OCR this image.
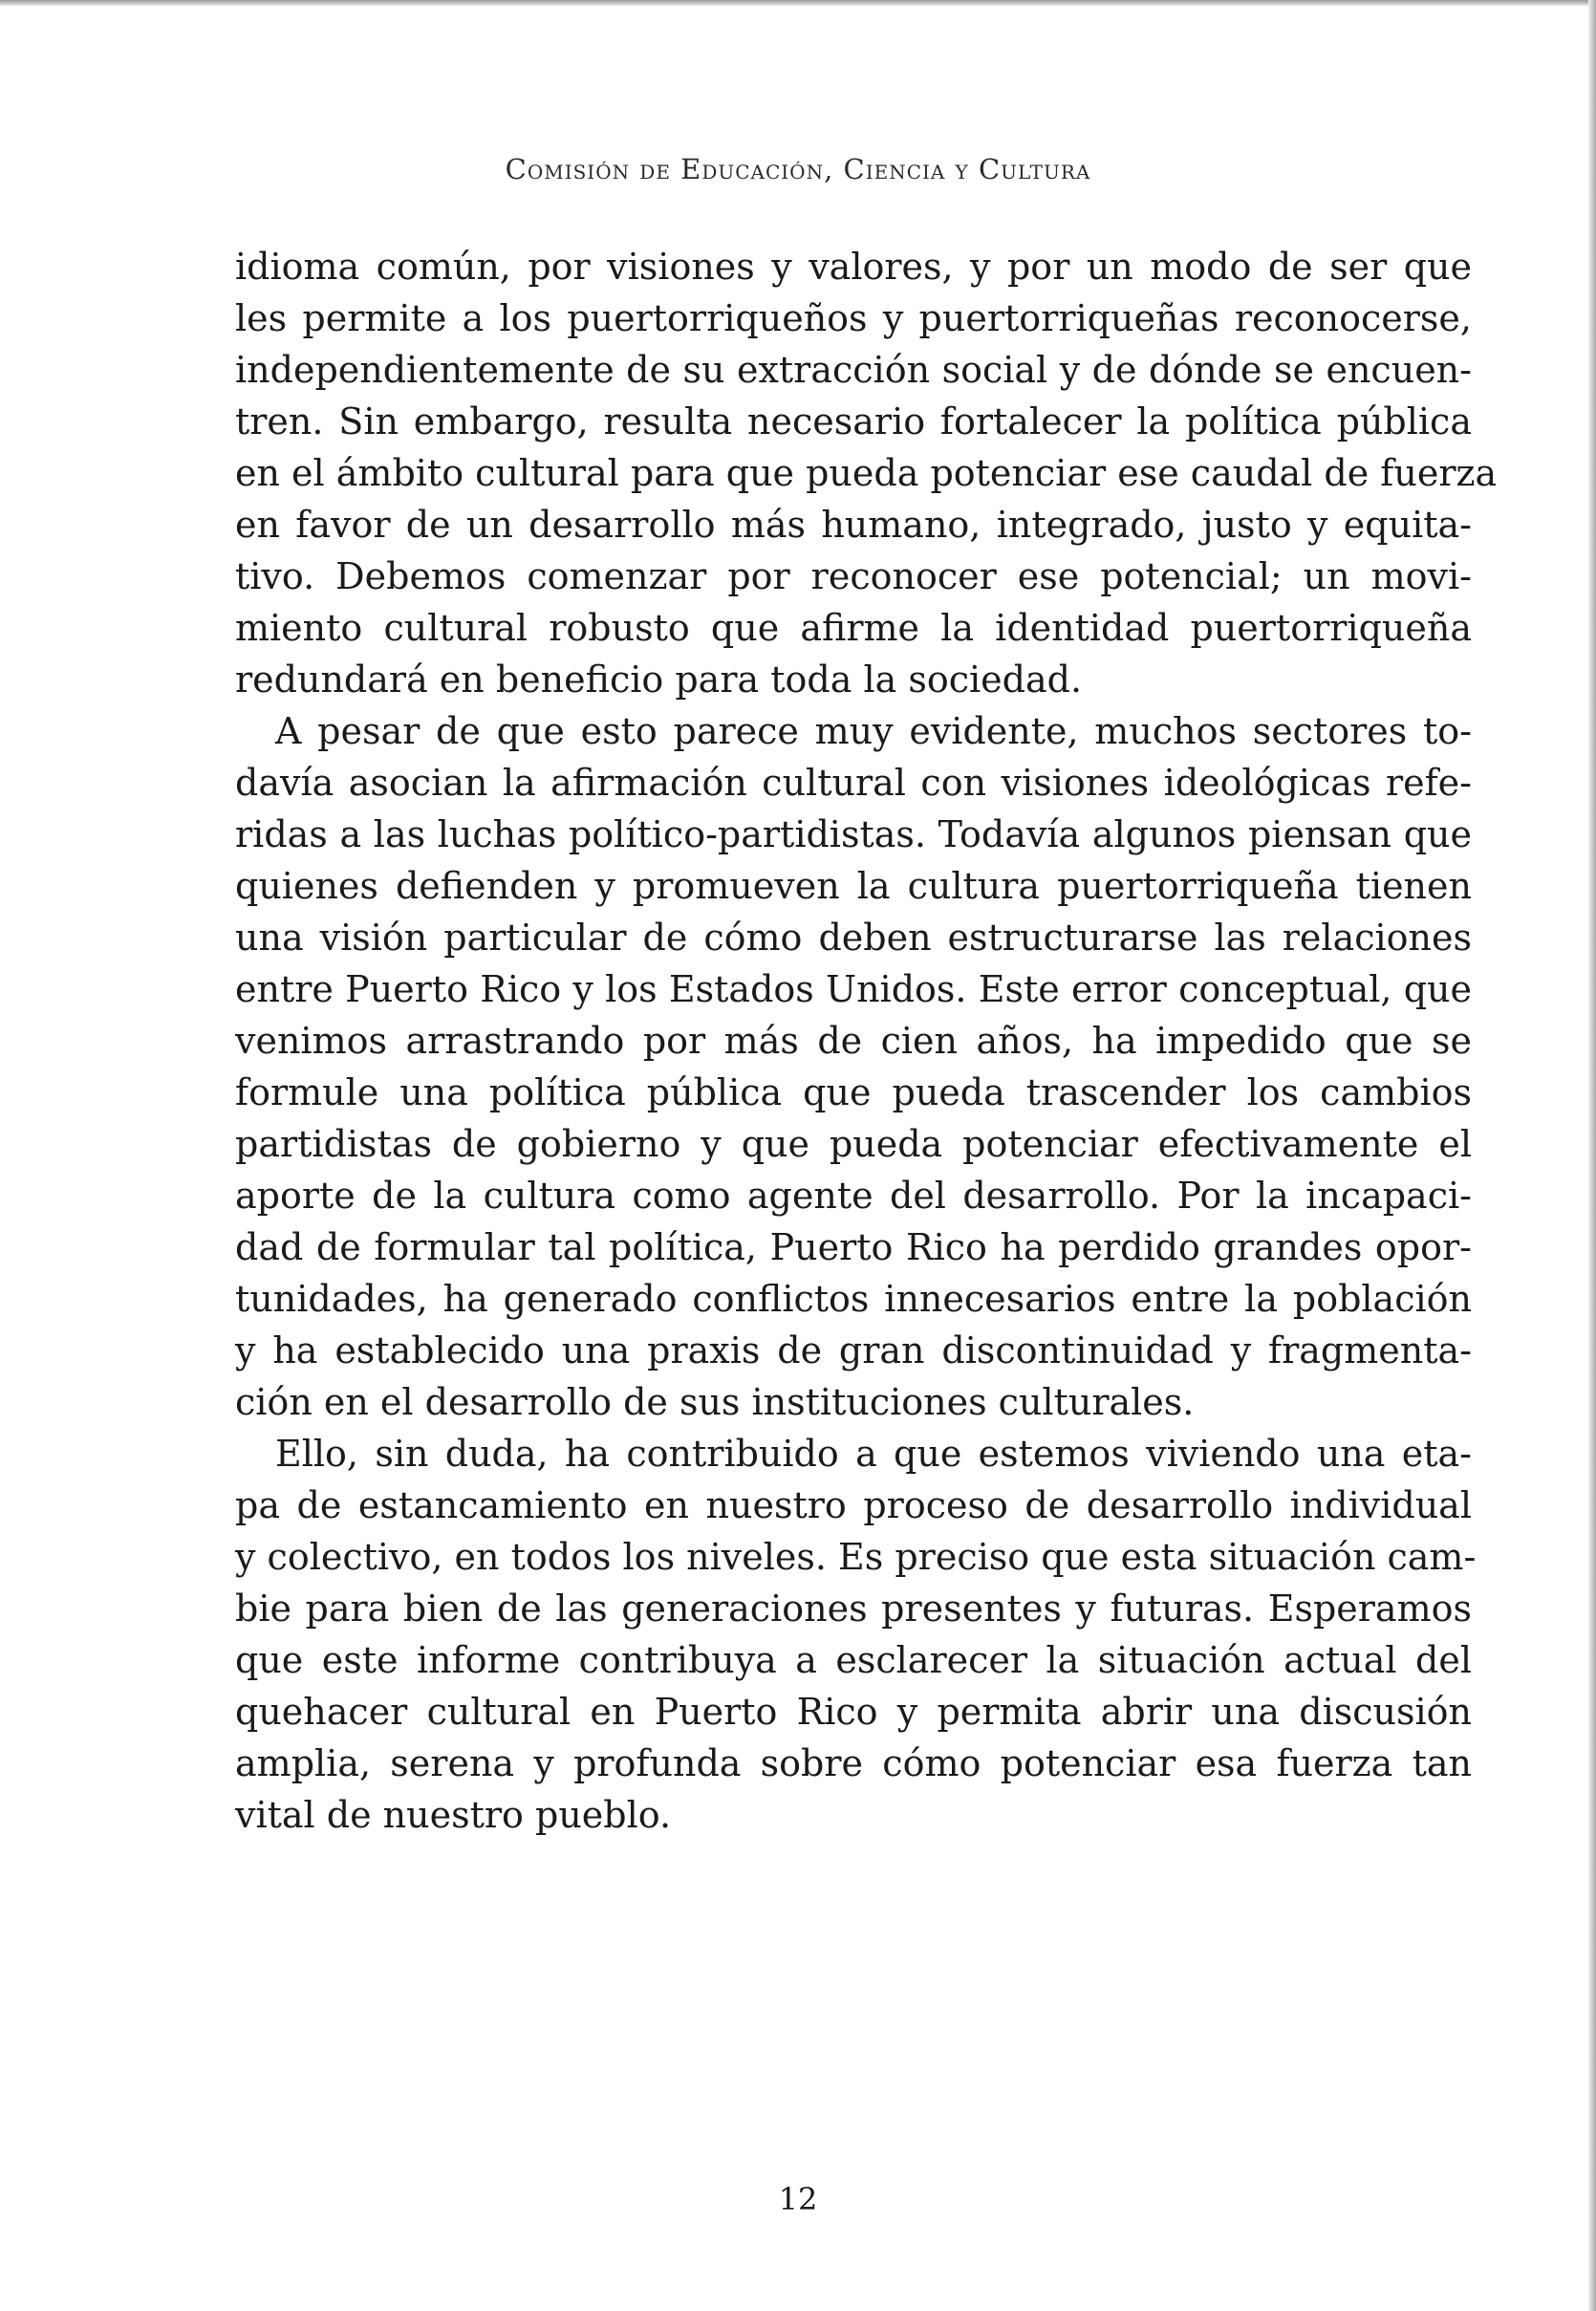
Comisión de Educación, Ciencia y Cultura
idioma común, por visiones y valores, y por un modo de ser que
les permite a los puertorriqueños y puertorriqueñas reconocerse,
independientemente de su extracción social y de dónde se encuen-
tren. Sin embargo, resulta necesario fortalecer la política pública
en el ámbito cultural para que pueda potenciar ese caudal de fuerza
en favor de un desarrollo más humano, integrado, justo y equita-
tivo. Debemos comenzar por reconocer ese potencial; un movi-
miento cultural robusto que afirme la identidad puertorriqueña
redundará en beneficio para toda la sociedad.
A pesar de que esto parece muy evidente, muchos sectores to-
davía asocian la afirmación cultural con visiones ideológicas refe-
ridas a las luchas político-partidistas. Todavía algunos piensan que
quienes defienden y promueven la cultura puertorriqueña tienen
una visión particular de cómo deben estructurarse las relaciones
entre Puerto Rico y los Estados Unidos. Este error conceptual, que
venimos arrastrando por más de cien años, ha impedido que se
formule una política pública que pueda trascender los cambios
partidistas de gobierno y que pueda potenciar efectivamente el
aporte de la cultura como agente del desarrollo. Por la incapaci-
dad de formular tal política, Puerto Rico ha perdido grandes opor-
tunidades, ha generado conflictos innecesarios entre la población
y ha establecido una praxis de gran discontinuidad y fragmenta-
ción en el desarrollo de sus instituciones culturales.
Ello, sin duda, ha contribuido a que estemos viviendo una eta-
pa de estancamiento en nuestro proceso de desarrollo individual
y colectivo, en todos los niveles. Es preciso que esta situación cam-
bie para bien de las generaciones presentes y futuras. Esperamos
que este informe contribuya a esclarecer la situación actual del
quehacer cultural en Puerto Rico y permita abrir una discusión
amplia, serena y profunda sobre cómo potenciar esa fuerza tan
vital de nuestro pueblo.
12
